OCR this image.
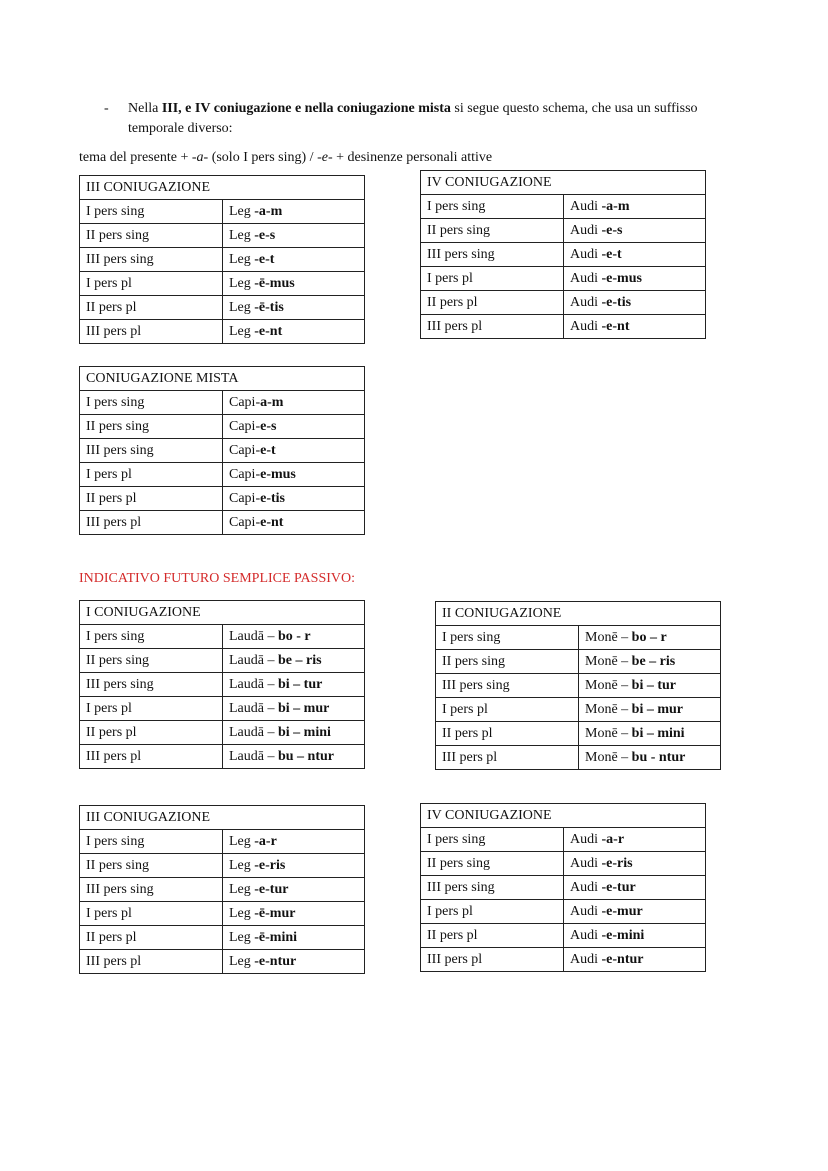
- Nella III, e IV coniugazione e nella coniugazione mista si segue questo schema, che usa un suffisso temporale diverso:
tema del presente + -a- (solo I pers sing) / -e- + desinenze personali attive
INDICATIVO FUTURO SEMPLICE PASSIVO:
III CONIUGAZIONE	
I pers sing	Leg -a-m
II pers sing	Leg -e-s
III pers sing	Leg -e-t
I pers pl	Leg -ē-mus
II pers pl	Leg -ē-tis
III pers pl	Leg -e-nt
IV CONIUGAZIONE	
I pers sing	Audi -a-m
II pers sing	Audi -e-s
III pers sing	Audi -e-t
I pers pl	Audi -e-mus
II pers pl	Audi -e-tis
III pers pl	Audi -e-nt
CONIUGAZIONE MISTA	
I pers sing	Capi-a-m
II pers sing	Capi-e-s
III pers sing	Capi-e-t
I pers pl	Capi-e-mus
II pers pl	Capi-e-tis
III pers pl	Capi-e-nt
I CONIUGAZIONE	
I pers sing	Laudā – bo - r
II pers sing	Laudā – be – ris
III pers sing	Laudā – bi – tur
I pers pl	Laudā – bi – mur
II pers pl	Laudā – bi – mini
III pers pl	Laudā – bu – ntur
II CONIUGAZIONE	
I pers sing	Monē – bo – r
II pers sing	Monē – be – ris
III pers sing	Monē – bi – tur
I pers pl	Monē – bi – mur
II pers pl	Monē – bi – mini
III pers pl	Monē – bu - ntur
III CONIUGAZIONE	
I pers sing	Leg -a-r
II pers sing	Leg -e-ris
III pers sing	Leg -e-tur
I pers pl	Leg -ē-mur
II pers pl	Leg -ē-mini
III pers pl	Leg -e-ntur
IV CONIUGAZIONE	
I pers sing	Audi -a-r
II pers sing	Audi -e-ris
III pers sing	Audi -e-tur
I pers pl	Audi -e-mur
II pers pl	Audi -e-mini
III pers pl	Audi -e-ntur
